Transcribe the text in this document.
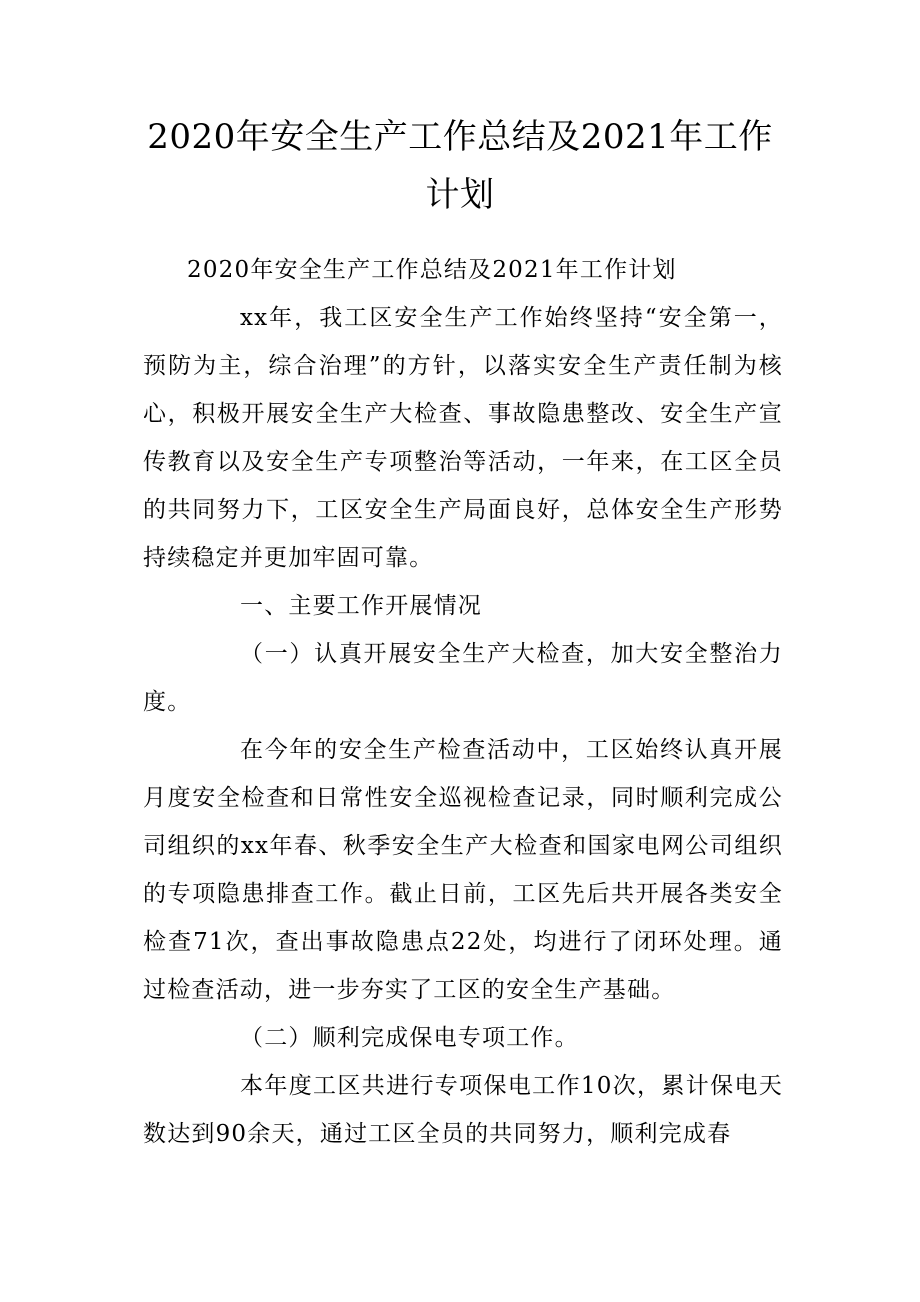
2020年安全生产工作总结及2021年工作计划

2020年安全生产工作总结及2021年工作计划

xx年，我工区安全生产工作始终坚持“安全第一，预防为主，综合治理”的方针，以落实安全生产责任制为核心，积极开展安全生产大检查、事故隐患整改、安全生产宣传教育以及安全生产专项整治等活动，一年来，在工区全员的共同努力下，工区安全生产局面良好，总体安全生产形势持续稳定并更加牢固可靠。

一、主要工作开展情况

（一）认真开展安全生产大检查，加大安全整治力度。

在今年的安全生产检查活动中，工区始终认真开展月度安全检查和日常性安全巡视检查记录，同时顺利完成公司组织的xx年春、秋季安全生产大检查和国家电网公司组织的专项隐患排查工作。截止日前，工区先后共开展各类安全检查71次，查出事故隐患点22处，均进行了闭环处理。通过检查活动，进一步夯实了工区的安全生产基础。

（二）顺利完成保电专项工作。

本年度工区共进行专项保电工作10次，累计保电天数达到90余天，通过工区全员的共同努力，顺利完成春
